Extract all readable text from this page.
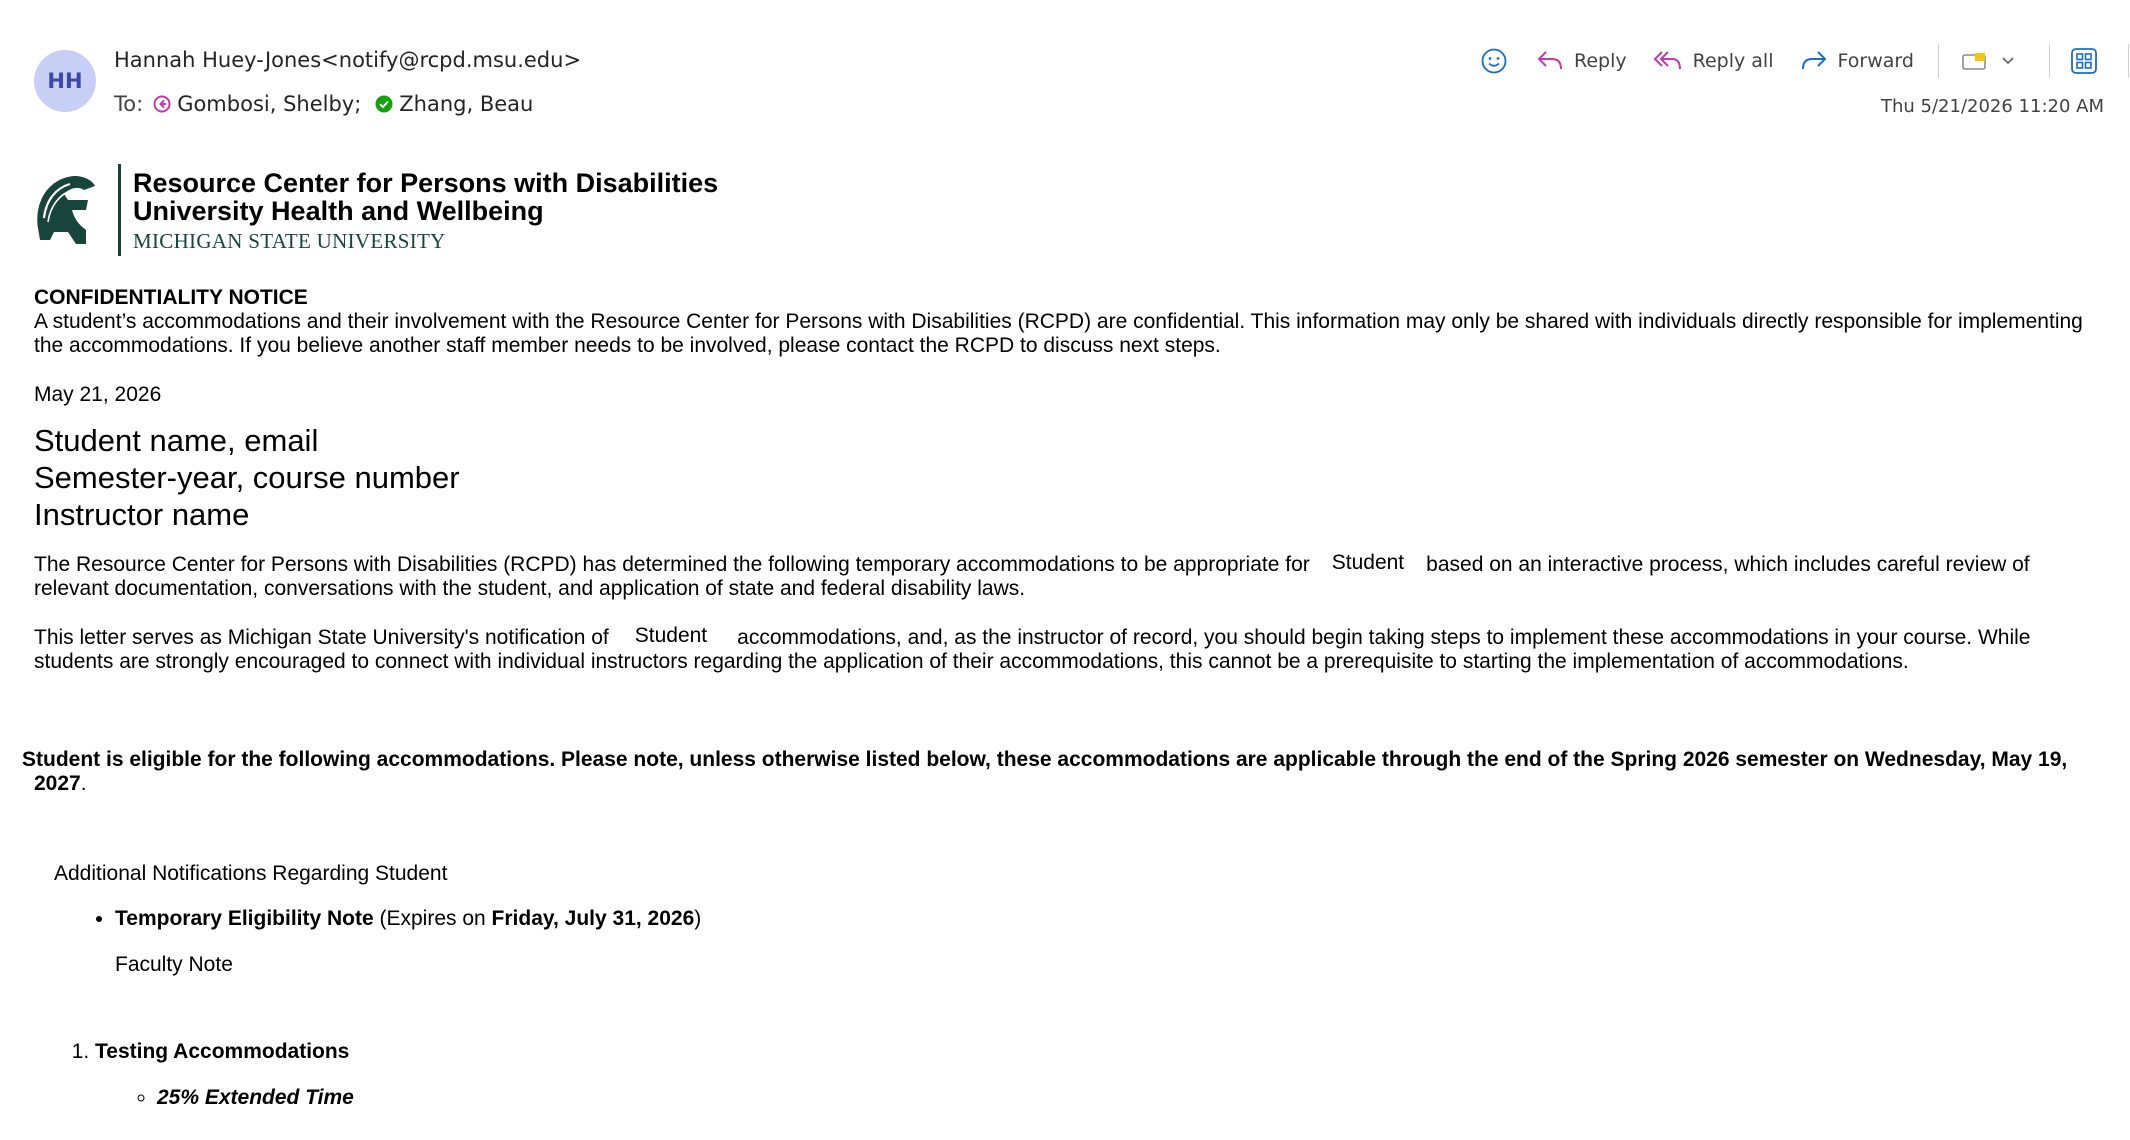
HH
Hannah Huey-Jones<notify@rcpd.msu.edu>
To: Gombosi, Shelby; Zhang, Beau
Reply	Reply all	Forward
Thu 5/21/2026 11:20 AM
Resource Center for Persons with Disabilities
University Health and Wellbeing
MICHIGAN STATE UNIVERSITY
CONFIDENTIALITY NOTICE
A student’s accommodations and their involvement with the Resource Center for Persons with Disabilities (RCPD) are confidential. This information may only be shared with individuals directly responsible for implementing
the accommodations. If you believe another staff member needs to be involved, please contact the RCPD to discuss next steps.
May 21, 2026
Student name, email
Semester-year, course number
Instructor name
The Resource Center for Persons with Disabilities (RCPD) has determined the following temporary accommodations to be appropriate for Student based on an interactive process, which includes careful review of
relevant documentation, conversations with the student, and application of state and federal disability laws.
This letter serves as Michigan State University's notification of Student accommodations, and, as the instructor of record, you should begin taking steps to implement these accommodations in your course. While
students are strongly encouraged to connect with individual instructors regarding the application of their accommodations, this cannot be a prerequisite to starting the implementation of accommodations.
Student is eligible for the following accommodations. Please note, unless otherwise listed below, these accommodations are applicable through the end of the Spring 2026 semester on Wednesday, May 19,
2027.
Additional Notifications Regarding Student
• Temporary Eligibility Note (Expires on Friday, July 31, 2026)
Faculty Note
1. Testing Accommodations
◦ 25% Extended Time
